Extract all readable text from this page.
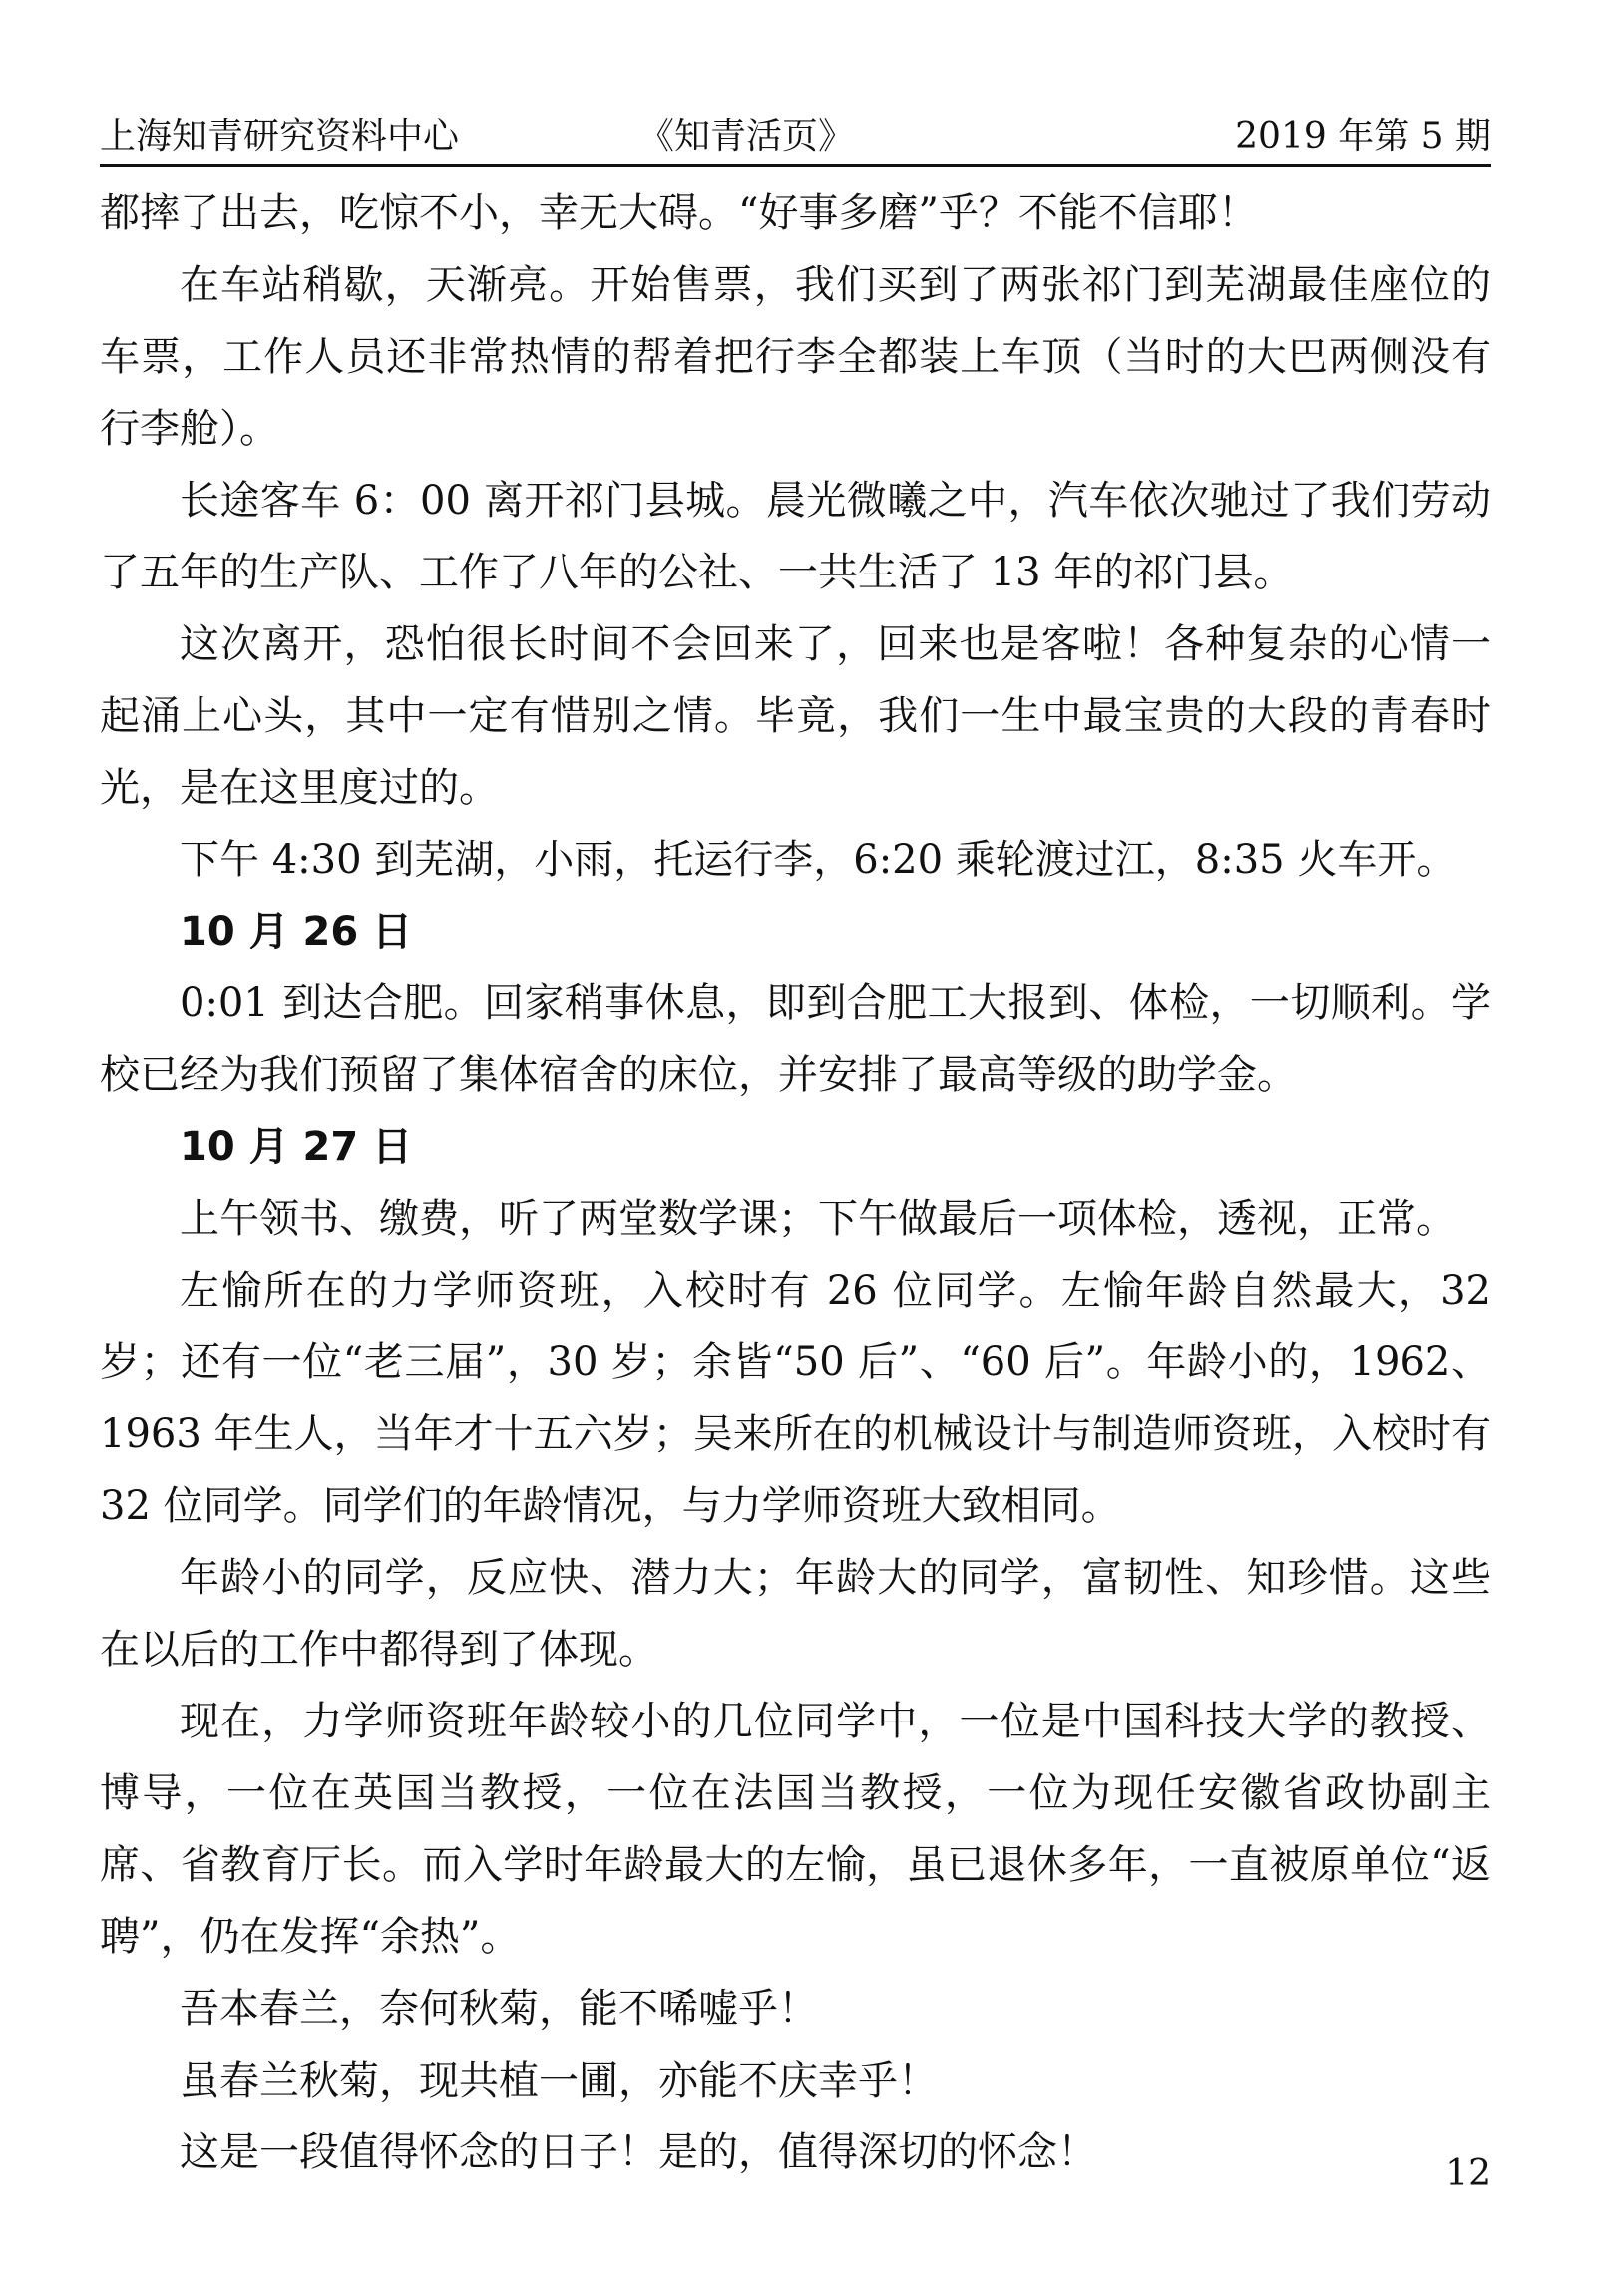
上海知青研究资料中心	《知青活页》	2019 年第 5 期

都摔了出去，吃惊不小，幸无大碍。“好事多磨”乎？不能不信耶！

在车站稍歇，天渐亮。开始售票，我们买到了两张祁门到芜湖最佳座位的车票，工作人员还非常热情的帮着把行李全都装上车顶（当时的大巴两侧没有行李舱）。

长途客车 6：00 离开祁门县城。晨光微曦之中，汽车依次驰过了我们劳动了五年的生产队、工作了八年的公社、一共生活了 13 年的祁门县。

这次离开，恐怕很长时间不会回来了，回来也是客啦！各种复杂的心情一起涌上心头，其中一定有惜别之情。毕竟，我们一生中最宝贵的大段的青春时光，是在这里度过的。

下午 4:30 到芜湖，小雨，托运行李，6:20 乘轮渡过江，8:35 火车开。

10 月 26 日

0:01 到达合肥。回家稍事休息，即到合肥工大报到、体检，一切顺利。学校已经为我们预留了集体宿舍的床位，并安排了最高等级的助学金。

10 月 27 日

上午领书、缴费，听了两堂数学课；下午做最后一项体检，透视，正常。

左愉所在的力学师资班，入校时有 26 位同学。左愉年龄自然最大，32 岁；还有一位“老三届”，30 岁；余皆“50 后”、“60 后”。年龄小的，1962、1963 年生人，当年才十五六岁；吴来所在的机械设计与制造师资班，入校时有 32 位同学。同学们的年龄情况，与力学师资班大致相同。

年龄小的同学，反应快、潜力大；年龄大的同学，富韧性、知珍惜。这些在以后的工作中都得到了体现。

现在，力学师资班年龄较小的几位同学中，一位是中国科技大学的教授、博导，一位在英国当教授，一位在法国当教授，一位为现任安徽省政协副主席、省教育厅长。而入学时年龄最大的左愉，虽已退休多年，一直被原单位“返聘”，仍在发挥“余热”。

吾本春兰，奈何秋菊，能不唏嘘乎！

虽春兰秋菊，现共植一圃，亦能不庆幸乎！

这是一段值得怀念的日子！是的，值得深切的怀念！	12
